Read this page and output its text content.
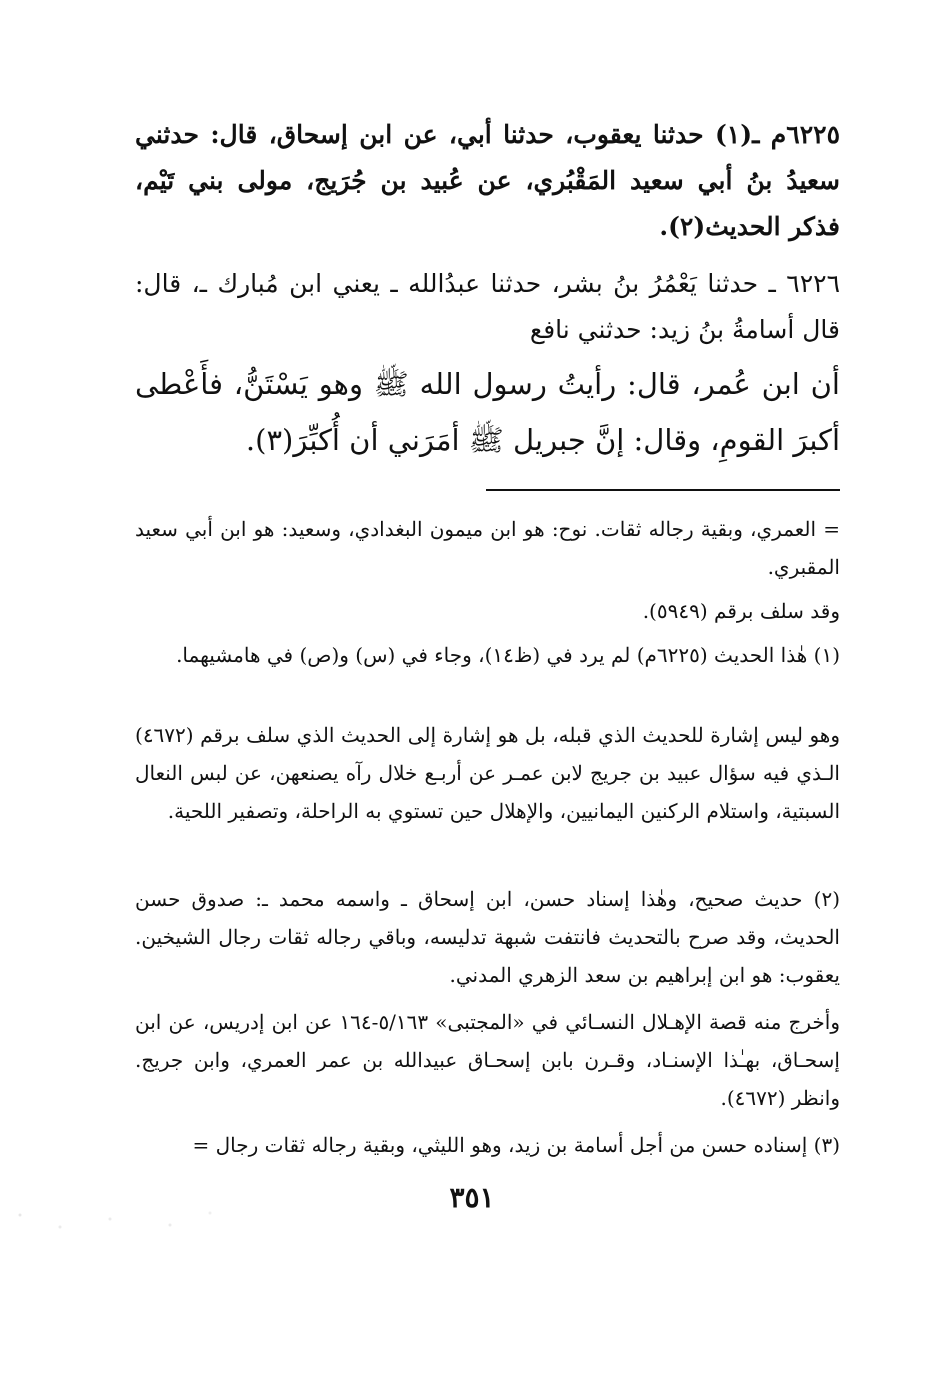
٦٢٢٥م ـ(١) حدثنا يعقوب، حدثنا أبي، عن ابن إسحاق، قال: حدثني سعيدُ بنُ أبي سعيد المَقْبُري، عن عُبيد بن جُرَيج، مولى بني تَيْم، فذكر الحديث(٢).
٦٢٢٦ ـ حدثنا يَعْمُرُ بنُ بشر، حدثنا عبدُالله ـ يعني ابن مُبارك ـ، قال: قال أسامةُ بنُ زيد: حدثني نافع
أن ابن عُمر، قال: رأيتُ رسول الله ﷺ وهو يَسْتَنُّ، فأَعْطى أكبرَ القومِ، وقال: إنَّ جبريل ﷺ أمَرَني أن أُكبِّرَ(٣).
= العمري، وبقية رجاله ثقات. نوح: هو ابن ميمون البغدادي، وسعيد: هو ابن أبي سعيد المقبري.
وقد سلف برقم (٥٩٤٩).
(١) هٰذا الحديث (٦٢٢٥م) لم يرد في (ظ١٤)، وجاء في (س) و(ص) في هامشيهما.
وهو ليس إشارة للحديث الذي قبله، بل هو إشارة إلى الحديث الذي سلف برقم (٤٦٧٢) الـذي فيه سؤال عبيد بن جريج لابن عمـر عن أربـع خلال رآه يصنعهن، عن لبس النعال السبتية، واستلام الركنين اليمانيين، والإهلال حين تستوي به الراحلة، وتصفير اللحية.
(٢) حديث صحيح، وهٰذا إسناد حسن، ابن إسحاق ـ واسمه محمد ـ: صدوق حسن الحديث، وقد صرح بالتحديث فانتفت شبهة تدليسه، وباقي رجاله ثقات رجال الشيخين. يعقوب: هو ابن إبراهيم بن سعد الزهري المدني.
وأخرج منه قصة الإهـلال النسـائي في «المجتبى» ٥/١٦٣-١٦٤ عن ابن إدريس، عن ابن إسحـاق، بهـٰذا الإسنـاد، وقـرن بابن إسحـاق عبيدالله بن عمر العمري، وابن جريج. وانظر (٤٦٧٢).
(٣) إسناده حسن من أجل أسامة بن زيد، وهو الليثي، وبقية رجاله ثقات رجال =
٣٥١
